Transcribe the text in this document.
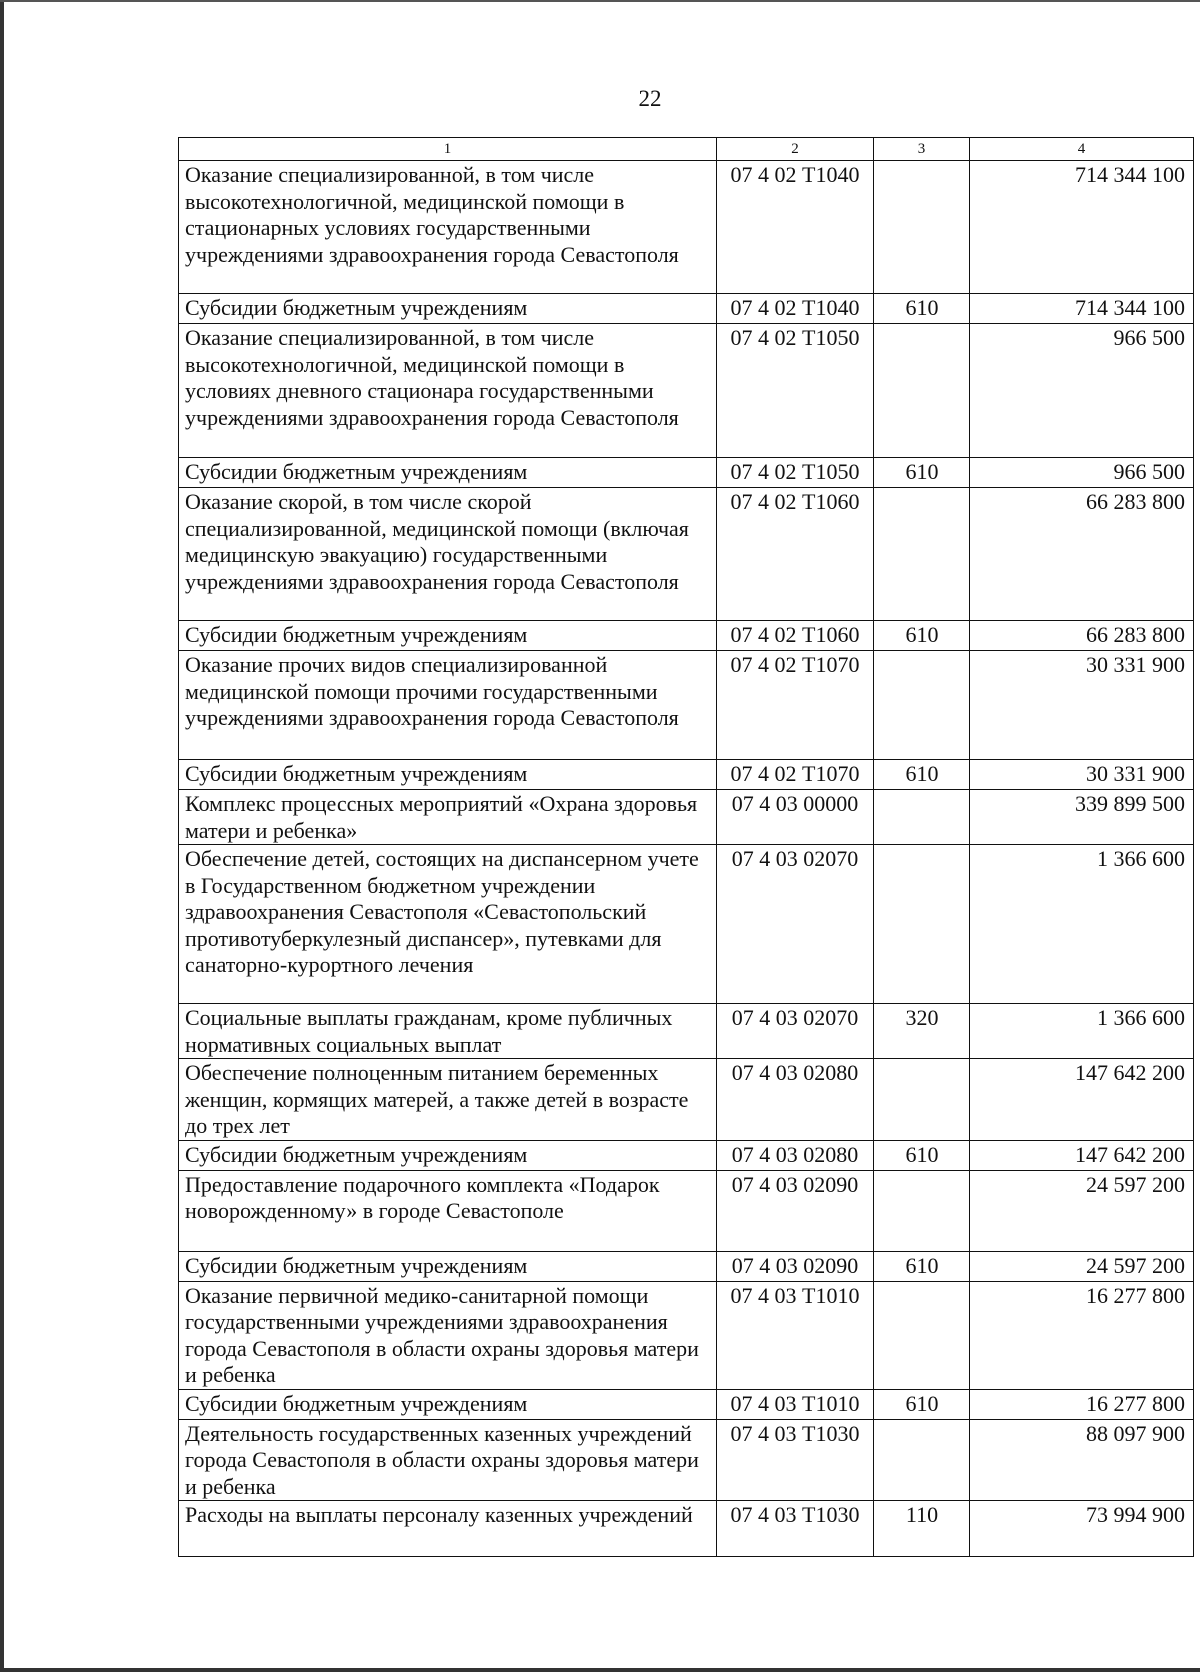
22
1	2	3	4
Оказание специализированной, в том числе высокотехнологичной, медицинской помощи в стационарных условиях государственными учреждениями здравоохранения города Севастополя	07 4 02 Т1040		714 344 100
Субсидии бюджетным учреждениям	07 4 02 Т1040	610	714 344 100
Оказание специализированной, в том числе высокотехнологичной, медицинской помощи в условиях дневного стационара государственными учреждениями здравоохранения города Севастополя	07 4 02 Т1050		966 500
Субсидии бюджетным учреждениям	07 4 02 Т1050	610	966 500
Оказание скорой, в том числе скорой специализированной, медицинской помощи (включая медицинскую эвакуацию) государственными учреждениями здравоохранения города Севастополя	07 4 02 Т1060		66 283 800
Субсидии бюджетным учреждениям	07 4 02 Т1060	610	66 283 800
Оказание прочих видов специализированной медицинской помощи прочими государственными учреждениями здравоохранения города Севастополя	07 4 02 Т1070		30 331 900
Субсидии бюджетным учреждениям	07 4 02 Т1070	610	30 331 900
Комплекс процессных мероприятий «Охрана здоровья матери и ребенка»	07 4 03 00000		339 899 500
Обеспечение детей, состоящих на диспансерном учете в Государственном бюджетном учреждении здравоохранения Севастополя «Севастопольский противотуберкулезный диспансер», путевками для санаторно-курортного лечения	07 4 03 02070		1 366 600
Социальные выплаты гражданам, кроме публичных нормативных социальных выплат	07 4 03 02070	320	1 366 600
Обеспечение полноценным питанием беременных женщин, кормящих матерей, а также детей в возрасте до трех лет	07 4 03 02080		147 642 200
Субсидии бюджетным учреждениям	07 4 03 02080	610	147 642 200
Предоставление подарочного комплекта «Подарок новорожденному» в городе Севастополе	07 4 03 02090		24 597 200
Субсидии бюджетным учреждениям	07 4 03 02090	610	24 597 200
Оказание первичной медико-санитарной помощи государственными учреждениями здравоохранения города Севастополя в области охраны здоровья матери и ребенка	07 4 03 Т1010		16 277 800
Субсидии бюджетным учреждениям	07 4 03 Т1010	610	16 277 800
Деятельность государственных казенных учреждений города Севастополя в области охраны здоровья матери и ребенка	07 4 03 Т1030		88 097 900
Расходы на выплаты персоналу казенных учреждений	07 4 03 Т1030	110	73 994 900
